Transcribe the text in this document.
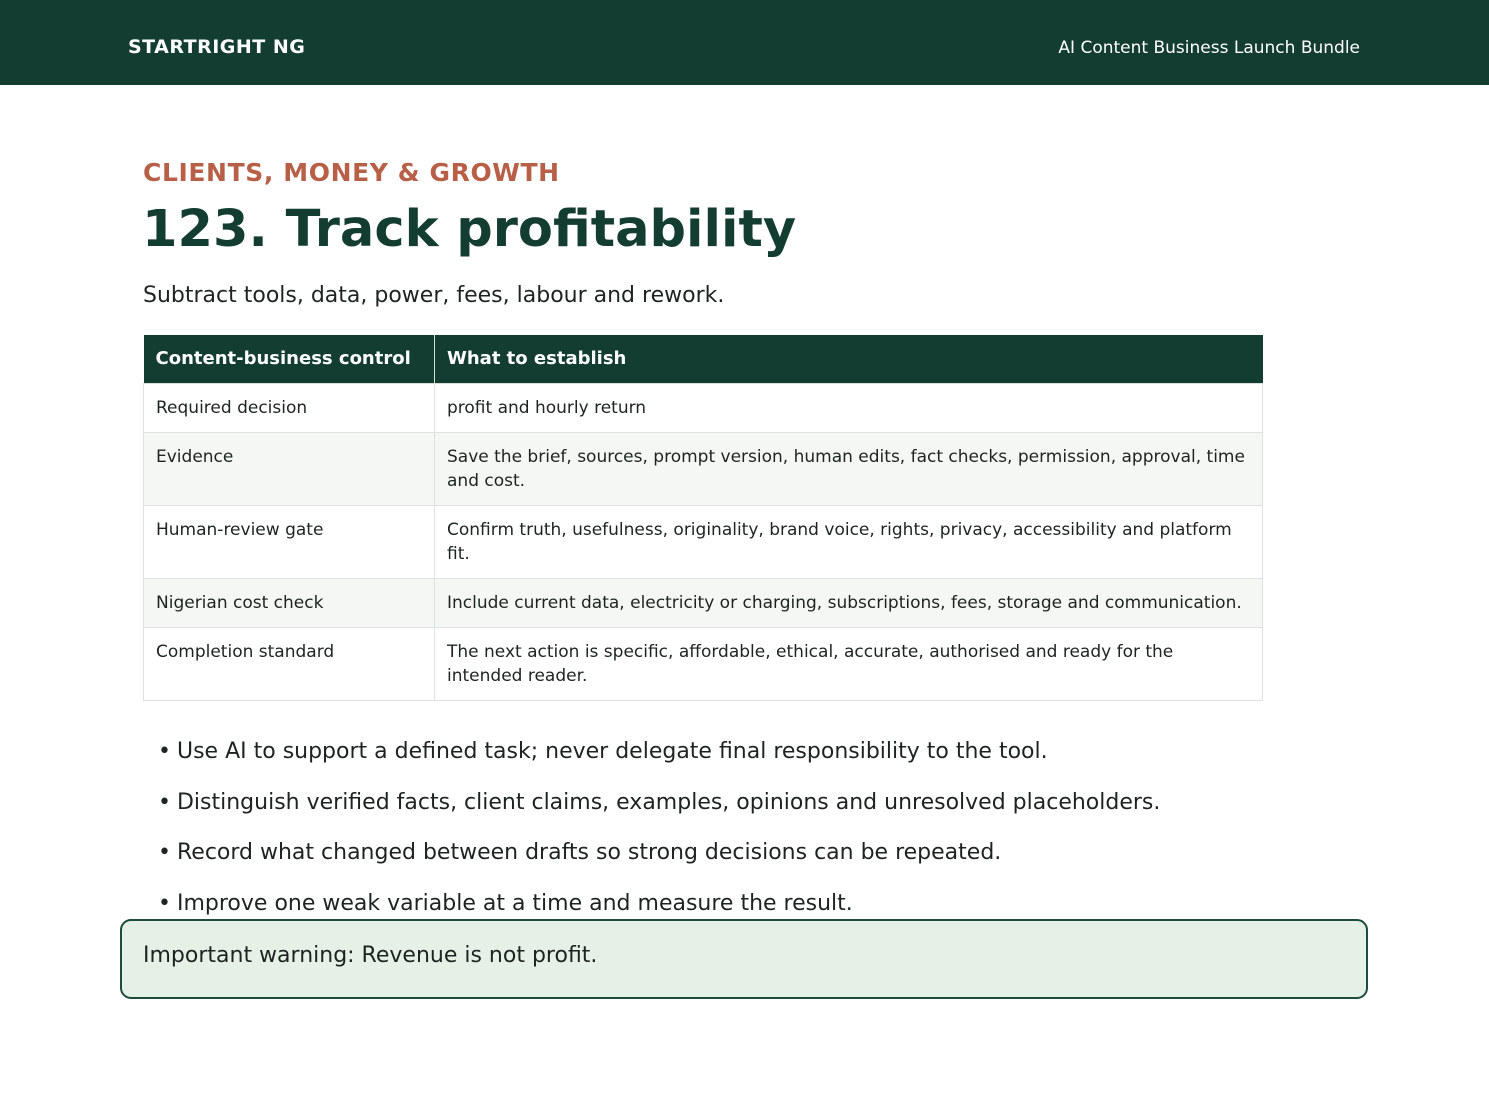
STARTRIGHT NG	AI Content Business Launch Bundle
CLIENTS, MONEY & GROWTH
123. Track profitability

Subtract tools, data, power, fees, labour and rework.

Content-business control	What to establish
Required decision	profit and hourly return
Evidence	Save the brief, sources, prompt version, human edits, fact checks, permission, approval, time and cost.
Human-review gate	Confirm truth, usefulness, originality, brand voice, rights, privacy, accessibility and platform fit.
Nigerian cost check	Include current data, electricity or charging, subscriptions, fees, storage and communication.
Completion standard	The next action is specific, affordable, ethical, accurate, authorised and ready for the intended reader.
• Use AI to support a defined task; never delegate final responsibility to the tool.
• Distinguish verified facts, client claims, examples, opinions and unresolved placeholders.
• Record what changed between drafts so strong decisions can be repeated.
• Improve one weak variable at a time and measure the result.
Important warning: Revenue is not profit.
